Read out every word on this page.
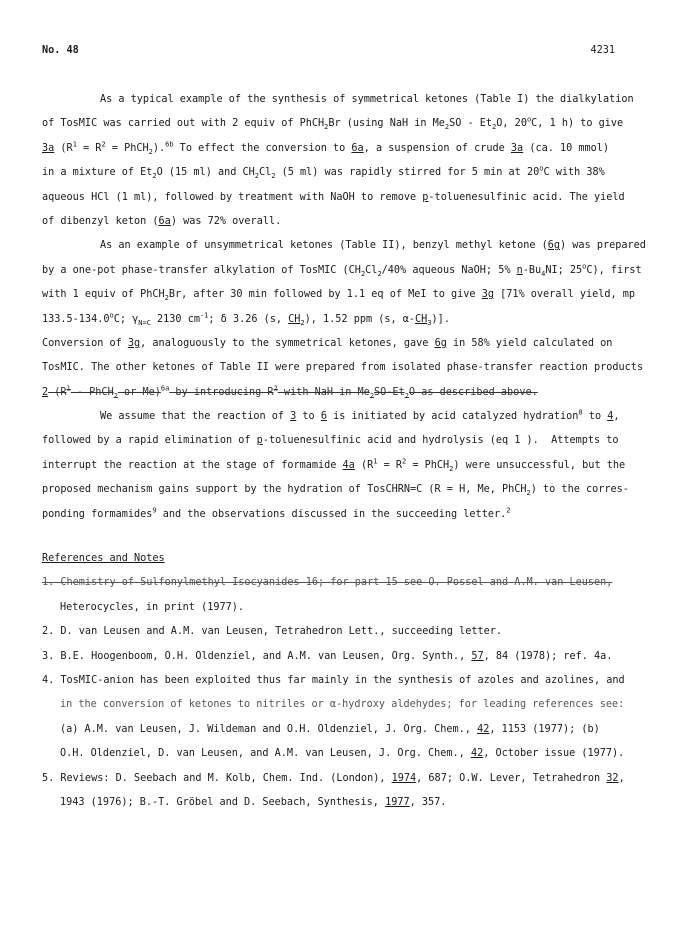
No. 48	4231
As a typical example of the synthesis of symmetrical ketones (Table I) the dialkylation
of TosMIC was carried out with 2 equiv of PhCH$_2$Br (using NaH in $Me_2SO - Et_2O$, 20$^o$C, 1 h) to give
3a ($R^1 = R^2$ = PhCH$_2$).$^{6b}$ To effect the conversion to 6a, a suspension of crude 3a (ca. 10 mmol)
in a mixture of $Et_2O$ (15 ml) and $CH_2Cl_2$ (5 ml) was rapidly stirred for 5 min at 20$^o$C with 38%
aqueous HCl (1 ml), followed by treatment with NaOH to remove p-toluenesulfinic acid. The yield
of dibenzyl keton (6a) was 72% overall.
As an example of unsymmetrical ketones (Table II), benzyl methyl ketone (6g) was prepared
by a one-pot phase-transfer alkylation of TosMIC ($CH_2Cl_2/40\%$ aqueous NaOH; 5% $n-Bu_4NI$; 25$^o$C), first
with 1 equiv of PhCH$_2$Br, after 30 min followed by 1.1 eq of MeI to give 3g [71% overall yield, mp
133.5-134.0$^o$C; $\gamma_{N=C}$ 2130 $cm^{-1}$; δ 3.26 (s, $CH_2$), 1.52 ppm (s, $\alpha-CH_3$)].
Conversion of 3g, analoguously to the symmetrical ketones, gave 6g in 58% yield calculated on
TosMIC. The other ketones of Table II were prepared from isolated phase-transfer reaction products
2 ($R^1$ - PhCH$_2$ or Me)$^{6a}$ by introducing $R^2$ with NaH in $Me_2SO-Et_2O$ as described above.
We assume that the reaction of 3 to 6 is initiated by acid catalyzed hydration$^8$ to 4,
followed by a rapid elimination of p-toluenesulfinic acid and hydrolysis (eq 1 ).  Attempts to
interrupt the reaction at the stage of formamide 4a ($R^1 = R^2$ = PhCH$_2$) were unsuccessful, but the
proposed mechanism gains support by the hydration of TosCHRN=C (R = H, Me, PhCH$_2$) to the corres-
ponding formamides$^9$ and the observations discussed in the succeeding letter.$^2$
References and Notes
1. Chemistry of Sulfonylmethyl Isocyanides 16; for part 15 see O. Possel and A.M. van Leusen,
Heterocycles, in print (1977).
2. D. van Leusen and A.M. van Leusen, Tetrahedron Lett., succeeding letter.
3. B.E. Hoogenboom, O.H. Oldenziel, and A.M. van Leusen, Org. Synth., 57, 84 (1978); ref. 4a.
4. TosMIC-anion has been exploited thus far mainly in the synthesis of azoles and azolines, and
in the conversion of ketones to nitriles or α-hydroxy aldehydes; for leading references see:
(a) A.M. van Leusen, J. Wildeman and O.H. Oldenziel, J. Org. Chem., 42, 1153 (1977); (b)
O.H. Oldenziel, D. van Leusen, and A.M. van Leusen, J. Org. Chem., 42, October issue (1977).
5. Reviews: D. Seebach and M. Kolb, Chem. Ind. (London), 1974, 687; O.W. Lever, Tetrahedron 32,
1943 (1976); B.-T. Gröbel and D. Seebach, Synthesis, 1977, 357.
